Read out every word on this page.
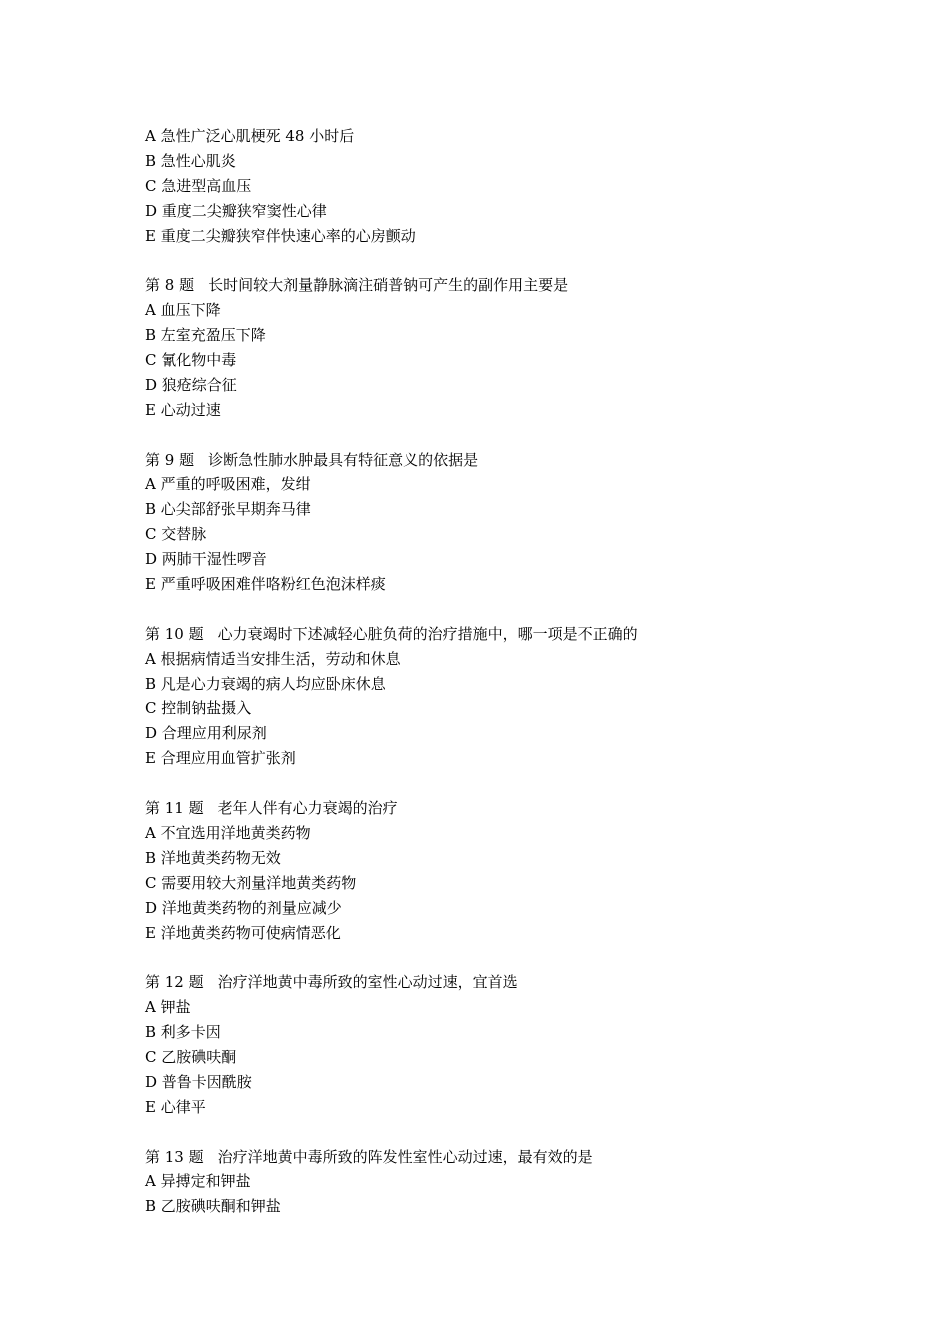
A 急性广泛心肌梗死 48 小时后
B 急性心肌炎
C 急进型高血压
D 重度二尖瓣狭窄窦性心律
E 重度二尖瓣狭窄伴快速心率的心房颤动
第 8 题 长时间较大剂量静脉滴注硝普钠可产生的副作用主要是
A 血压下降
B 左室充盈压下降
C 氰化物中毒
D 狼疮综合征
E 心动过速
第 9 题 诊断急性肺水肿最具有特征意义的依据是
A 严重的呼吸困难，发绀
B 心尖部舒张早期奔马律
C 交替脉
D 两肺干湿性啰音
E 严重呼吸困难伴咯粉红色泡沫样痰
第 10 题 心力衰竭时下述减轻心脏负荷的治疗措施中，哪一项是不正确的
A 根据病情适当安排生活，劳动和休息
B 凡是心力衰竭的病人均应卧床休息
C 控制钠盐摄入
D 合理应用利尿剂
E 合理应用血管扩张剂
第 11 题 老年人伴有心力衰竭的治疗
A 不宜选用洋地黄类药物
B 洋地黄类药物无效
C 需要用较大剂量洋地黄类药物
D 洋地黄类药物的剂量应减少
E 洋地黄类药物可使病情恶化
第 12 题 治疗洋地黄中毒所致的室性心动过速，宜首选
A 钾盐
B 利多卡因
C 乙胺碘呋酮
D 普鲁卡因酰胺
E 心律平
第 13 题 治疗洋地黄中毒所致的阵发性室性心动过速，最有效的是
A 异搏定和钾盐
B 乙胺碘呋酮和钾盐
